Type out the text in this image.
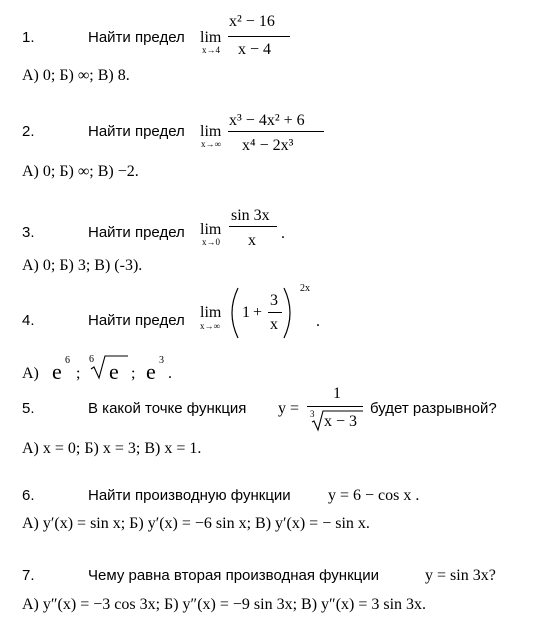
1.	Найти предел lim
x→4
x² − 16
x − 4
А) 0; Б) ∞; В) 8.
2.	Найти предел lim
x→∞
x³ − 4x² + 6
x⁴ − 2x³
А) 0; Б) ∞; В) −2.
3.	Найти предел lim
x→0
sin 3x
x .
А) 0; Б) 3; В) (-3).
4.	Найти предел lim
x→∞
1 +
3
x
2x
.
А) e 6
;
6 e ; e 3
.
5.	В какой точке функция y =
1
3 x − 3
будет разрывной?
А) x = 0; Б) x = 3; В) x = 1.
6.	Найти производную функции y = 6 − cos x .
А) y′(x) = sin x; Б) y′(x) = −6 sin x; В) y′(x) = − sin x.
7.	Чему равна вторая производная функции	y = sin 3x?
А) y″(x) = −3 cos 3x; Б) y″(x) = −9 sin 3x; В) y″(x) = 3 sin 3x.
